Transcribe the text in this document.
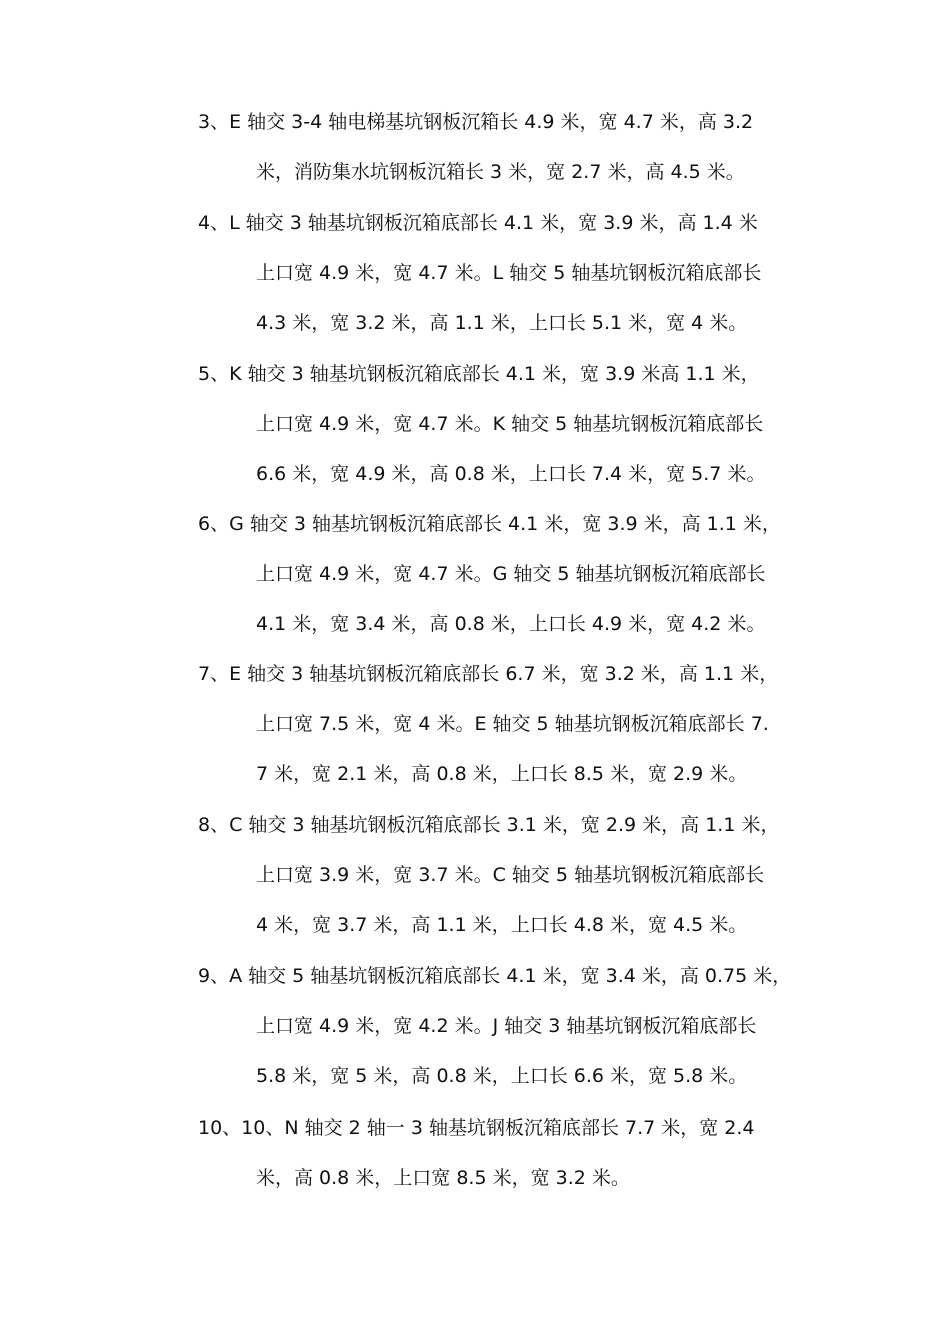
3、E 轴交 3-4 轴电梯基坑钢板沉箱长 4.9 米，宽 4.7 米，高 3.2
米，消防集水坑钢板沉箱长 3 米，宽 2.7 米，高 4.5 米。

4、L 轴交 3 轴基坑钢板沉箱底部长 4.1 米，宽 3.9 米，高 1.4 米
上口宽 4.9 米，宽 4.7 米。L 轴交 5 轴基坑钢板沉箱底部长
4.3 米，宽 3.2 米，高 1.1 米，上口长 5.1 米，宽 4 米。

5、K 轴交 3 轴基坑钢板沉箱底部长 4.1 米，宽 3.9 米高 1.1 米，
上口宽 4.9 米，宽 4.7 米。K 轴交 5 轴基坑钢板沉箱底部长
6.6 米，宽 4.9 米，高 0.8 米，上口长 7.4 米，宽 5.7 米。

6、G 轴交 3 轴基坑钢板沉箱底部长 4.1 米，宽 3.9 米，高 1.1 米，
上口宽 4.9 米，宽 4.7 米。G 轴交 5 轴基坑钢板沉箱底部长
4.1 米，宽 3.4 米，高 0.8 米，上口长 4.9 米，宽 4.2 米。

7、E 轴交 3 轴基坑钢板沉箱底部长 6.7 米，宽 3.2 米，高 1.1 米，
上口宽 7.5 米，宽 4 米。E 轴交 5 轴基坑钢板沉箱底部长 7.
7 米，宽 2.1 米，高 0.8 米，上口长 8.5 米，宽 2.9 米。

8、C 轴交 3 轴基坑钢板沉箱底部长 3.1 米，宽 2.9 米，高 1.1 米，
上口宽 3.9 米，宽 3.7 米。C 轴交 5 轴基坑钢板沉箱底部长
4 米，宽 3.7 米，高 1.1 米，上口长 4.8 米，宽 4.5 米。

9、A 轴交 5 轴基坑钢板沉箱底部长 4.1 米，宽 3.4 米，高 0.75 米，
上口宽 4.9 米，宽 4.2 米。J 轴交 3 轴基坑钢板沉箱底部长
5.8 米，宽 5 米，高 0.8 米，上口长 6.6 米，宽 5.8 米。

10、10、N 轴交 2 轴一 3 轴基坑钢板沉箱底部长 7.7 米，宽 2.4
米，高 0.8 米，上口宽 8.5 米，宽 3.2 米。
